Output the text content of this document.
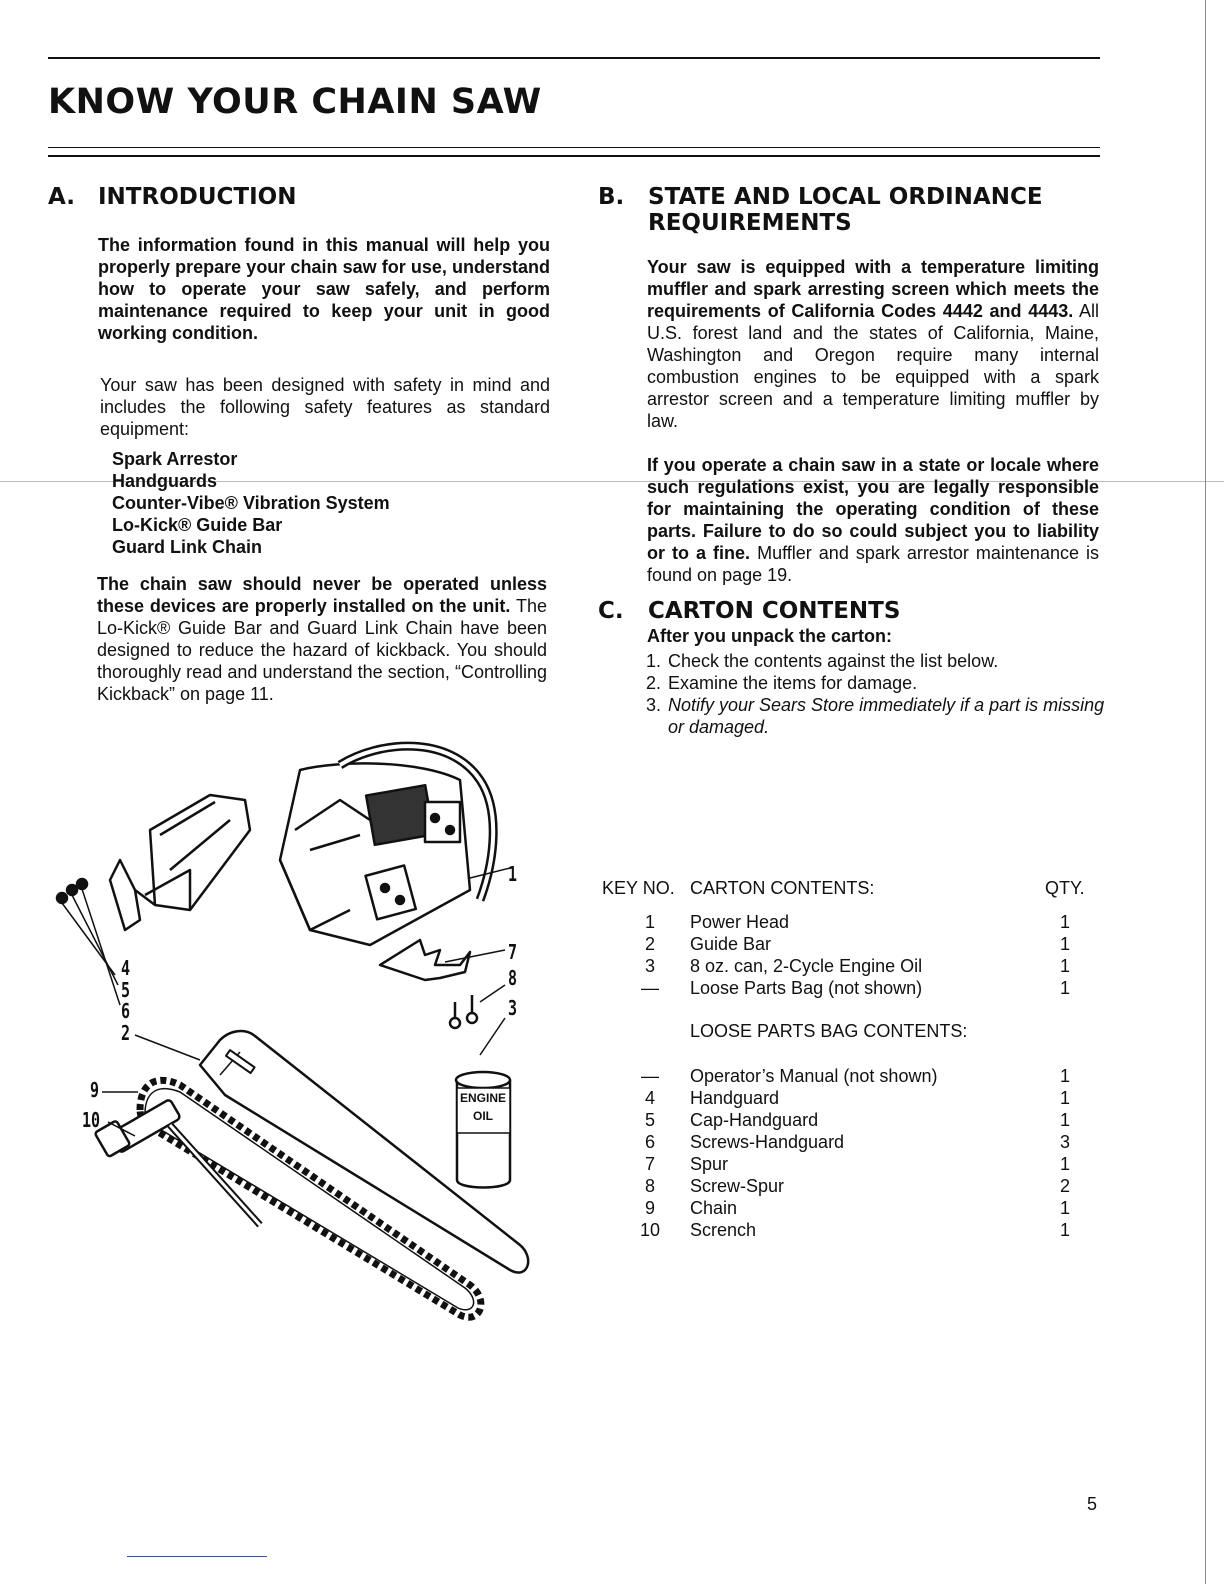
KNOW YOUR CHAIN SAW
A. INTRODUCTION

The information found in this manual will help you properly prepare your chain saw for use, understand how to operate your saw safely, and perform maintenance required to keep your unit in good working condition.

Your saw has been designed with safety in mind and includes the following safety features as standard equipment:

Spark Arrestor
Handguards
Counter-Vibe® Vibration System
Lo-Kick® Guide Bar
Guard Link Chain
The chain saw should never be operated unless these devices are properly installed on the unit. The Lo-Kick® Guide Bar and Guard Link Chain have been designed to reduce the hazard of kickback. You should thoroughly read and understand the section, “Controlling Kickback” on page 11.
B. STATE AND LOCAL ORDINANCE
REQUIREMENTS
Your saw is equipped with a temperature limiting muffler and spark arresting screen which meets the requirements of California Codes 4442 and 4443. All U.S. forest land and the states of California, Maine, Washington and Oregon require many internal combustion engines to be equipped with a spark arrestor screen and a temperature limiting muffler by law.
If you operate a chain saw in a state or locale where such regulations exist, you are legally responsible for maintaining the operating condition of these parts. Failure to do so could subject you to liability or to a fine. Muffler and spark arrestor maintenance is found on page 19.
C. CARTON CONTENTS

After you unpack the carton:

1. Check the contents against the list below.
2. Examine the items for damage.
3. Notify your Sears Store immediately if a part is missing or damaged.
KEY NO. CARTON CONTENTS:	QTY.
1	Power Head	1
2	Guide Bar	1
3	8 oz. can, 2-Cycle Engine Oil	1
—	Loose Parts Bag (not shown)	1
LOOSE PARTS BAG CONTENTS:
—	Operator’s Manual (not shown)	1
4	Handguard	1
5	Cap-Handguard	1
6	Screws-Handguard	3
7	Spur	1
8	Screw-Spur	2
9	Chain	1
10	Scrench	1
ENGINE
OIL
1
7
8
3
4
5
6
2
9
10
5
